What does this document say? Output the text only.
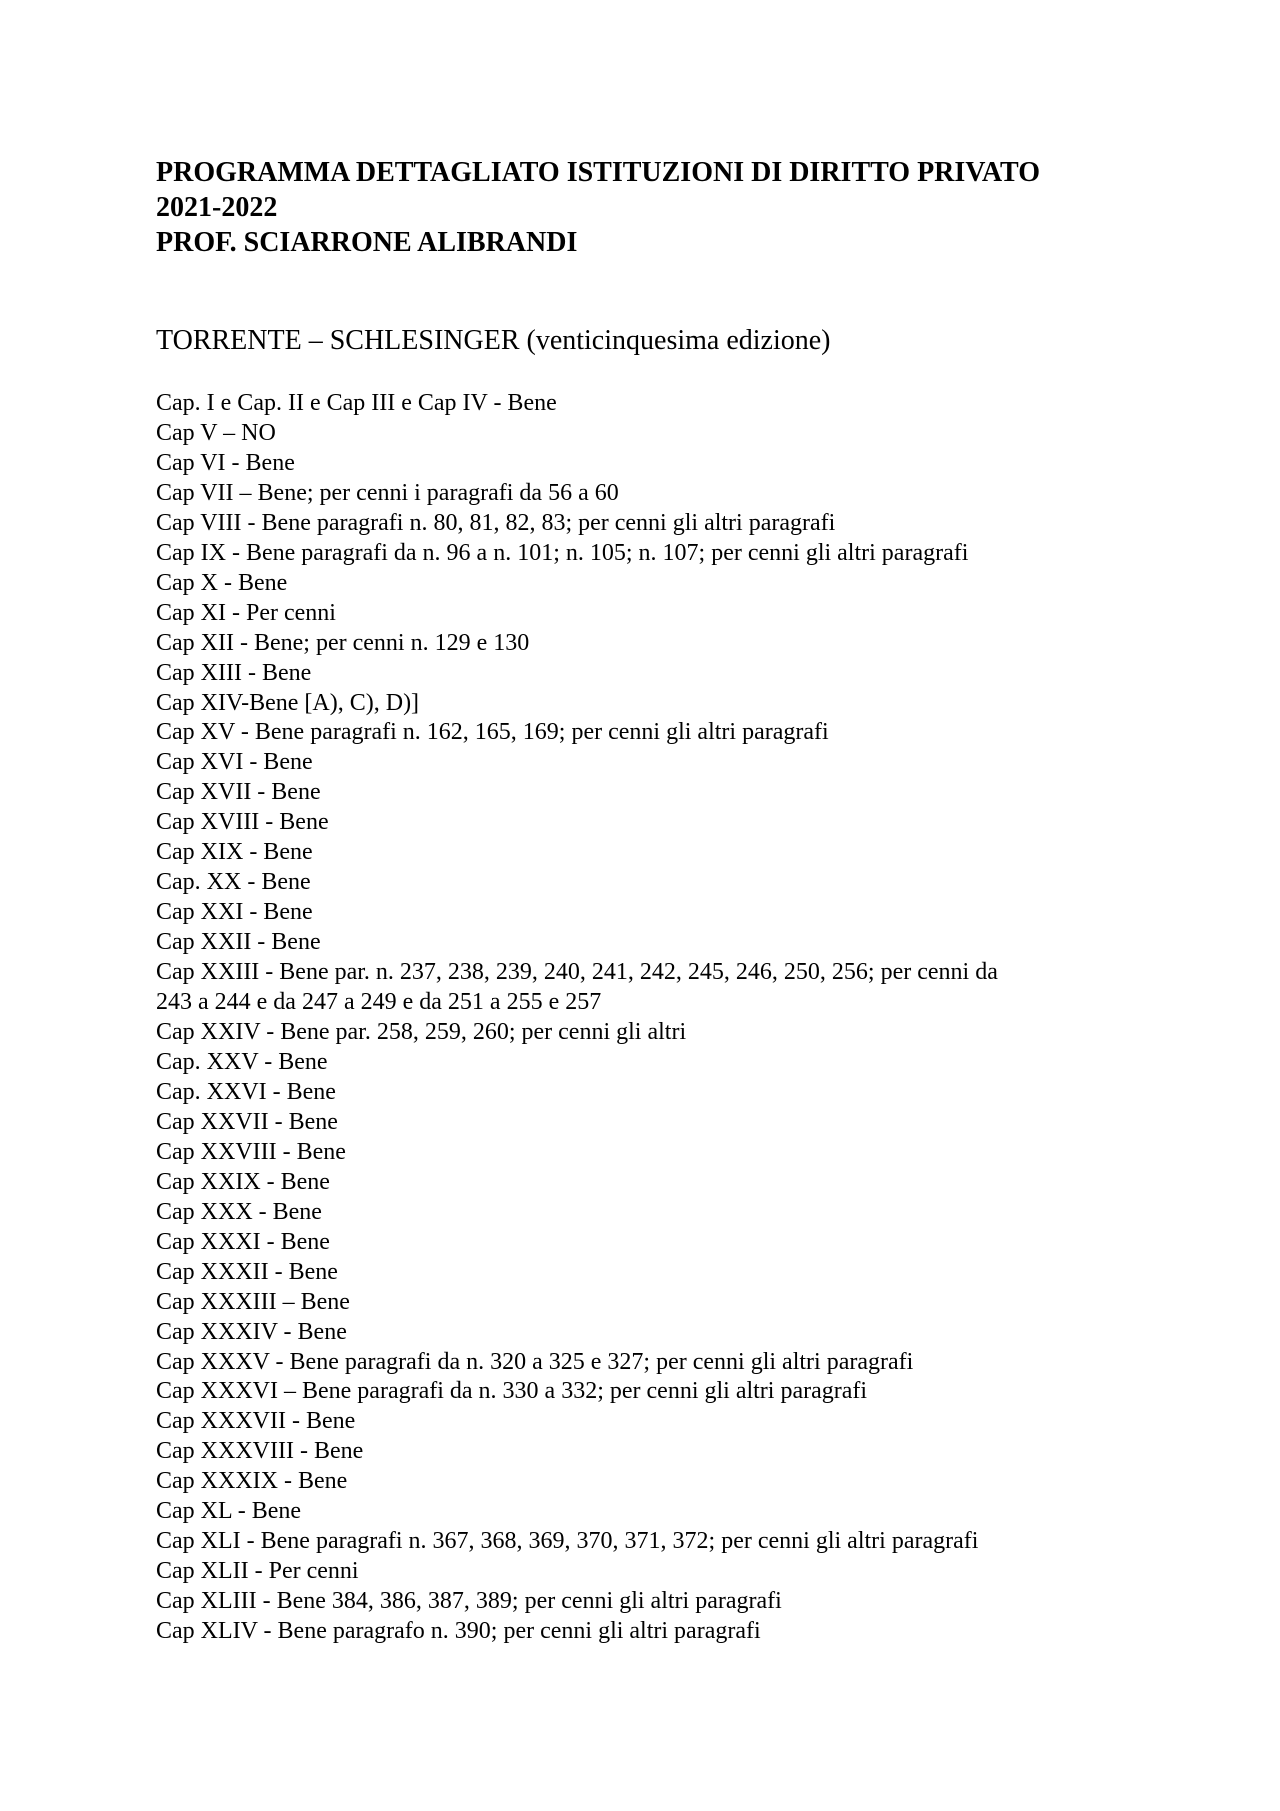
PROGRAMMA DETTAGLIATO ISTITUZIONI DI DIRITTO PRIVATO
2021-2022
PROF. SCIARRONE ALIBRANDI
TORRENTE – SCHLESINGER (venticinquesima edizione)
Cap. I e Cap. II e Cap III e Cap IV - Bene
Cap V – NO
Cap VI - Bene
Cap VII – Bene; per cenni i paragrafi da 56 a 60
Cap VIII - Bene paragrafi n. 80, 81, 82, 83; per cenni gli altri paragrafi
Cap IX - Bene paragrafi da n. 96 a n. 101; n. 105; n. 107; per cenni gli altri paragrafi
Cap X - Bene
Cap XI - Per cenni
Cap XII - Bene; per cenni n. 129 e 130
Cap XIII - Bene
Cap XIV-Bene [A), C), D)]
Cap XV - Bene paragrafi n. 162, 165, 169; per cenni gli altri paragrafi
Cap XVI - Bene
Cap XVII - Bene
Cap XVIII - Bene
Cap XIX - Bene
Cap. XX - Bene
Cap XXI - Bene
Cap XXII - Bene
Cap XXIII - Bene par. n. 237, 238, 239, 240, 241, 242, 245, 246, 250, 256; per cenni da
243 a 244 e da 247 a 249 e da 251 a 255 e 257
Cap XXIV - Bene par. 258, 259, 260; per cenni gli altri
Cap. XXV - Bene
Cap. XXVI - Bene
Cap XXVII - Bene
Cap XXVIII - Bene
Cap XXIX - Bene
Cap XXX - Bene
Cap XXXI - Bene
Cap XXXII - Bene
Cap XXXIII – Bene
Cap XXXIV - Bene
Cap XXXV - Bene paragrafi da n. 320 a 325 e 327; per cenni gli altri paragrafi
Cap XXXVI – Bene paragrafi da n. 330 a 332; per cenni gli altri paragrafi
Cap XXXVII - Bene
Cap XXXVIII - Bene
Cap XXXIX - Bene
Cap XL - Bene
Cap XLI - Bene paragrafi n. 367, 368, 369, 370, 371, 372; per cenni gli altri paragrafi
Cap XLII - Per cenni
Cap XLIII - Bene 384, 386, 387, 389; per cenni gli altri paragrafi
Cap XLIV - Bene paragrafo n. 390; per cenni gli altri paragrafi
